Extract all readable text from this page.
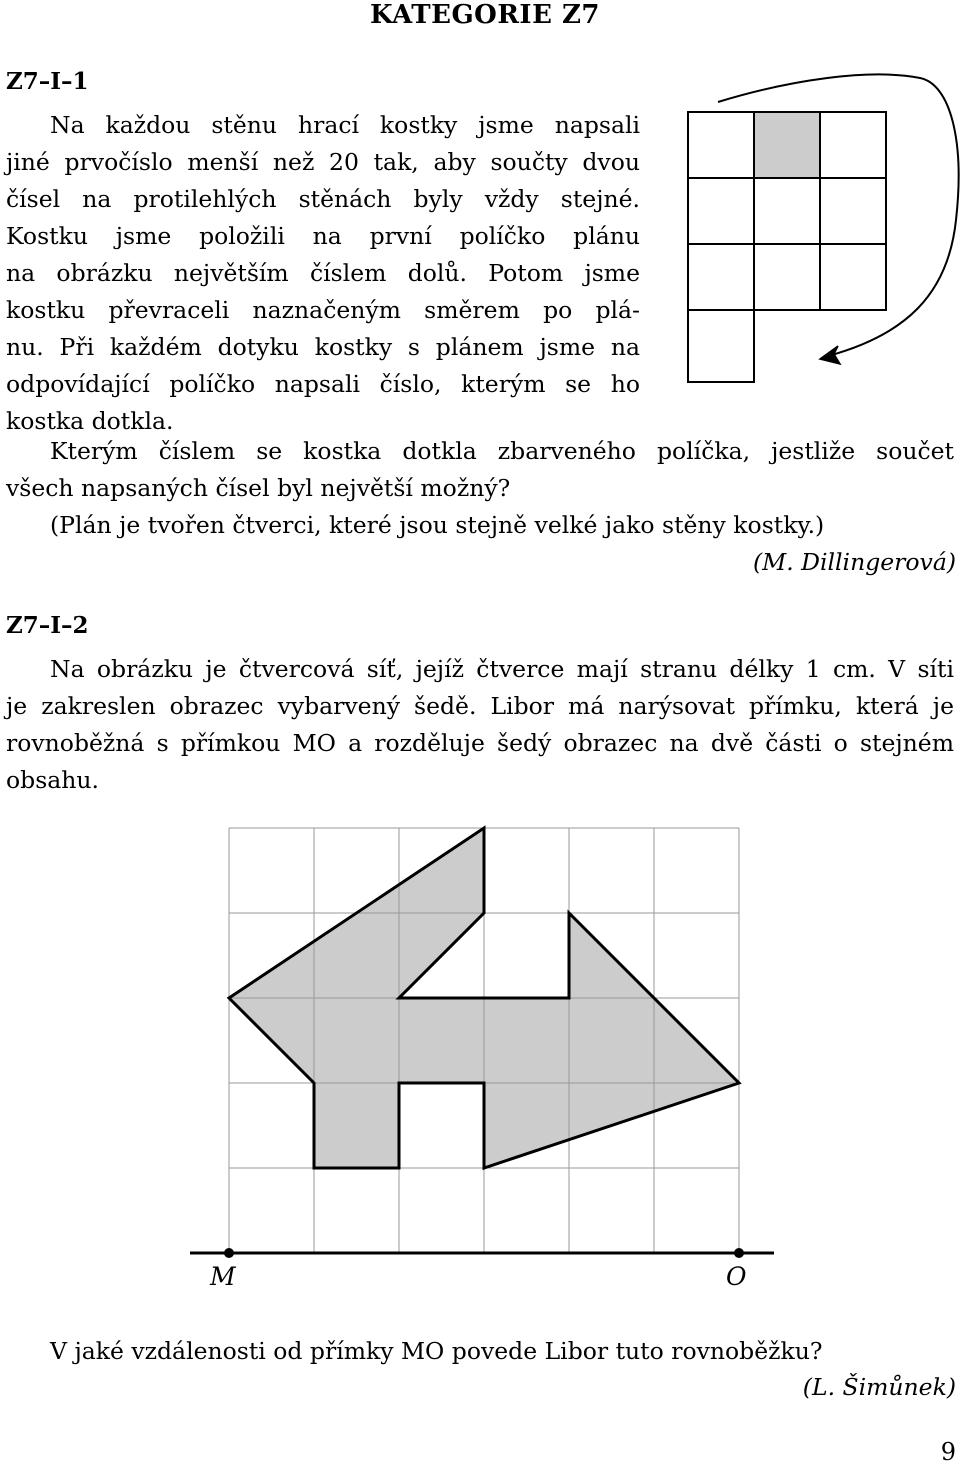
KATEGORIE Z7
Z7–I–1
Na každou stěnu hrací kostky jsme napsali
jiné prvočíslo menší než 20 tak, aby součty dvou
čísel na protilehlých stěnách byly vždy stejné.
Kostku jsme položili na první políčko plánu
na obrázku největším číslem dolů. Potom jsme
kostku převraceli naznačeným směrem po plá-
nu. Při každém dotyku kostky s plánem jsme na
odpovídající políčko napsali číslo, kterým se ho
kostka dotkla.
Kterým číslem se kostka dotkla zbarveného políčka, jestliže součet
všech napsaných čísel byl největší možný?
(Plán je tvořen čtverci, které jsou stejně velké jako stěny kostky.)
(M. Dillingerová)
Z7–I–2
Na obrázku je čtvercová síť, jejíž čtverce mají stranu délky 1 cm. V síti
je zakreslen obrazec vybarvený šedě. Libor má narýsovat přímku, která je
rovnoběžná s přímkou MO a rozděluje šedý obrazec na dvě části o stejném
obsahu.
M	O
V jaké vzdálenosti od přímky MO povede Libor tuto rovnoběžku?
(L. Šimůnek)
9
